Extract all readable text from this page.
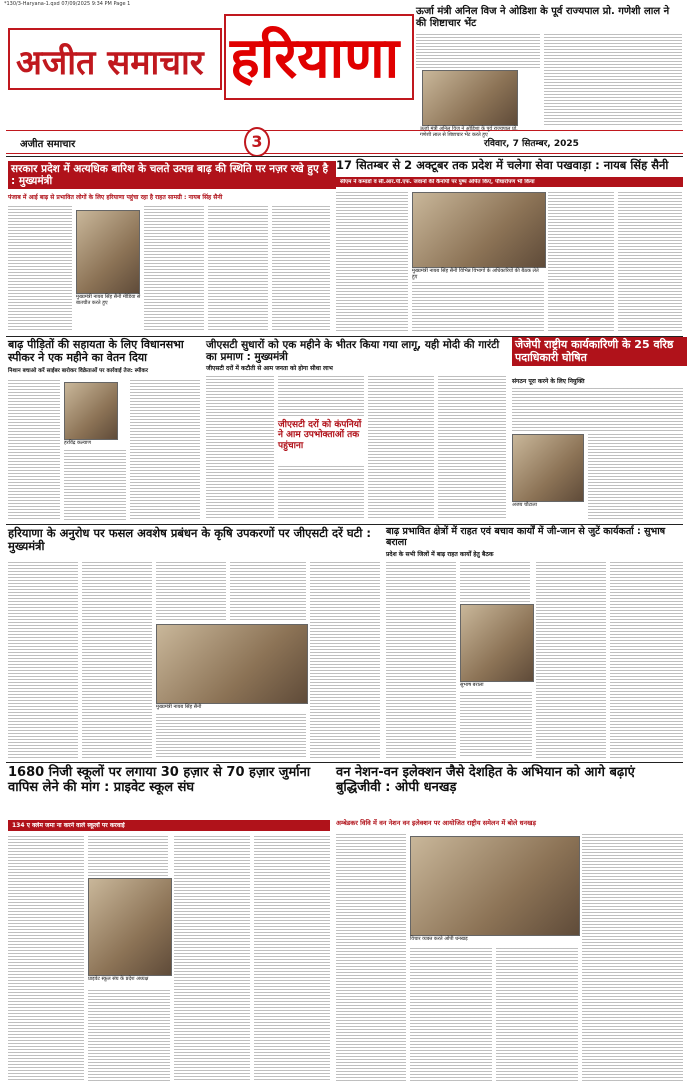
*130/3-Haryana-1.qxd 07/09/2025 9:34 PM Page 1
अजीत समाचार हरियाणा
अजीत समाचार	3	रविवार, 7 सितम्बर, 2025
ऊर्जा मंत्री अनिल विज ने ओडिशा के पूर्व राज्यपाल प्रो. गणेशी लाल ने की शिष्टाचार भेंट
ऊर्जा मंत्री अनिल विज ने ओडिशा के पूर्व राज्यपाल प्रो. गणेशी लाल से शिष्टाचार भेंट करते हुए
सरकार प्रदेश में अत्यधिक बारिश के चलते उत्पन्न बाढ़ की स्थिति पर नज़र रखे हुए है : मुख्यमंत्री
पंजाब में आई बाढ़ से प्रभावित लोगों के लिए हरियाणा पहुंचा रहा है राहत सामग्री : नायब सिंह सैनी
मुख्यमंत्री नायब सिंह सैनी मीडिया से बातचीत करते हुए
17 सितम्बर से 2 अक्टूबर तक प्रदेश में चलेगा सेवा पखवाड़ा : नायब सिंह सैनी
सीएम ने कमांडो व सी.आर.पी.एफ. जवानों की कैनोपी पर पुष्प अर्पित किए, पौधारोपण भी किया
मुख्यमंत्री नायब सिंह सैनी विभिन्न विभागों के अधिकारियों की बैठक लेते हुए
बाढ़ पीड़ितों की सहायता के लिए विधानसभा स्पीकर ने एक महीने का वेतन दिया
निशान बचाओ करें साईबर बारोकर विक्रेताओं पर कार्रवाई तेज: स्पीकर
हरविंद्र कल्याण
जीएसटी सुधारों को एक महीने के भीतर किया गया लागू, यही मोदी की गारंटी का प्रमाण : मुख्यमंत्री
जीएसटी दरों में कटौती से आम जनता को होगा सीधा लाभ
जीएसटी दरों को कंपनियों ने आम उपभोक्ताओं तक पहुंचाना
जेजेपी राष्ट्रीय कार्यकारिणी के 25 वरिष्ठ पदाधिकारी घोषित
संगठन पूरा करने के लिए नियुक्ति
अजय चौटाला
हरियाणा के अनुरोध पर फसल अवशेष प्रबंधन के कृषि उपकरणों पर जीएसटी दरें घटी : मुख्यमंत्री
मुख्यमंत्री नायब सिंह सैनी
बाढ़ प्रभावित क्षेत्रों में राहत एवं बचाव कार्यों में जी-जान से जुटें कार्यकर्ता : सुभाष बराला
प्रदेश के सभी जिलों में बाढ़ राहत कार्यों हेतु बैठक
सुभाष बराला
1680 निजी स्कूलों पर लगाया 30 हज़ार से 70 हज़ार जुर्माना वापिस लेने की मांग : प्राइवेट स्कूल संघ
134 ए क्लेम जमा ना करने वाले स्कूलों पर करवाई
प्राइवेट स्कूल संघ के प्रदेश अध्यक्ष
वन नेशन-वन इलेक्शन जैसे देशहित के अभियान को आगे बढ़ाएं बुद्धिजीवी : ओपी धनखड़
अम्बेडकर विवि में वन नेशन वन इलेक्शन पर आयोजित राष्ट्रीय समेलन में बोले धनखड़
विचार व्यक्त करते ओपी धनखड़
